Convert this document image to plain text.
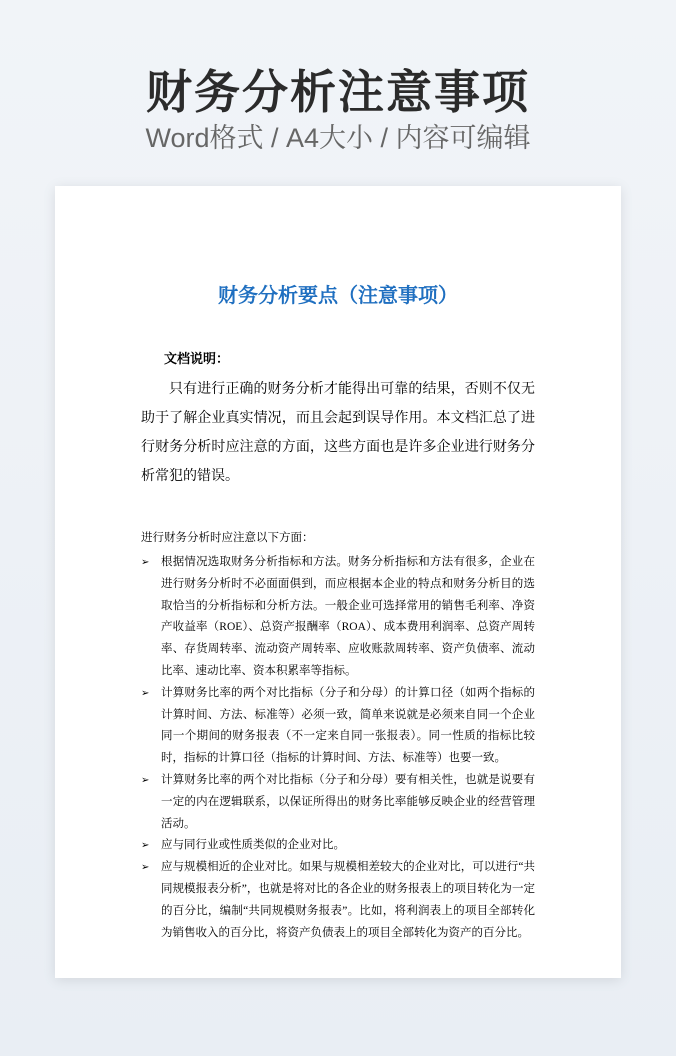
财务分析注意事项
Word格式 / A4大小 / 内容可编辑
财务分析要点（注意事项）
文档说明：

只有进行正确的财务分析才能得出可靠的结果，否则不仅无助于了解企业真实情况，而且会起到误导作用。本文档汇总了进行财务分析时应注意的方面，这些方面也是许多企业进行财务分析常犯的错误。

进行财务分析时应注意以下方面：
➢ 根据情况选取财务分析指标和方法。财务分析指标和方法有很多，企业在进行财务分析时不必面面俱到，而应根据本企业的特点和财务分析目的选取恰当的分析指标和分析方法。一般企业可选择常用的销售毛利率、净资产收益率（ROE）、总资产报酬率（ROA）、成本费用利润率、总资产周转率、存货周转率、流动资产周转率、应收账款周转率、资产负债率、流动比率、速动比率、资本积累率等指标。
➢ 计算财务比率的两个对比指标（分子和分母）的计算口径（如两个指标的计算时间、方法、标准等）必须一致，简单来说就是必须来自同一个企业同一个期间的财务报表（不一定来自同一张报表）。同一性质的指标比较时，指标的计算口径（指标的计算时间、方法、标准等）也要一致。
➢ 计算财务比率的两个对比指标（分子和分母）要有相关性，也就是说要有一定的内在逻辑联系，以保证所得出的财务比率能够反映企业的经营管理活动。
➢ 应与同行业或性质类似的企业对比。
➢ 应与规模相近的企业对比。如果与规模相差较大的企业对比，可以进行“共同规模报表分析”，也就是将对比的各企业的财务报表上的项目转化为一定的百分比，编制“共同规模财务报表”。比如，将利润表上的项目全部转化为销售收入的百分比，将资产负债表上的项目全部转化为资产的百分比。
